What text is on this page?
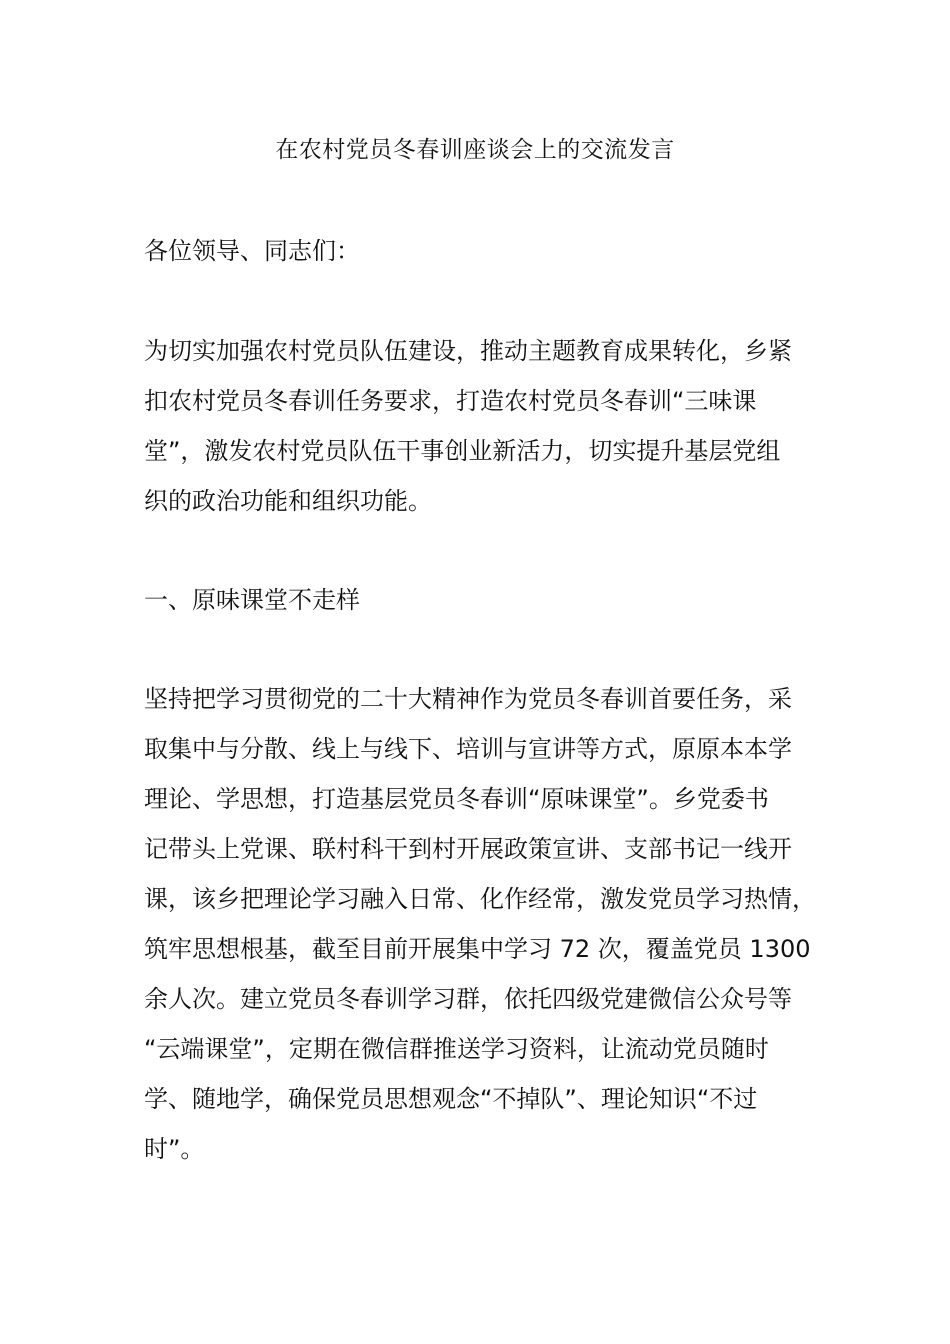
在农村党员冬春训座谈会上的交流发言

各位领导、同志们：

为切实加强农村党员队伍建设，推动主题教育成果转化，乡紧
扣农村党员冬春训任务要求，打造农村党员冬春训“三味课
堂”，激发农村党员队伍干事创业新活力，切实提升基层党组
织的政治功能和组织功能。

一、原味课堂不走样

坚持把学习贯彻党的二十大精神作为党员冬春训首要任务，采
取集中与分散、线上与线下、培训与宣讲等方式，原原本本学
理论、学思想，打造基层党员冬春训“原味课堂”。乡党委书
记带头上党课、联村科干到村开展政策宣讲、支部书记一线开
课，该乡把理论学习融入日常、化作经常，激发党员学习热情，
筑牢思想根基，截至目前开展集中学习 72 次，覆盖党员 1300
余人次。建立党员冬春训学习群，依托四级党建微信公众号等
“云端课堂”，定期在微信群推送学习资料，让流动党员随时
学、随地学，确保党员思想观念“不掉队”、理论知识“不过
时”。
